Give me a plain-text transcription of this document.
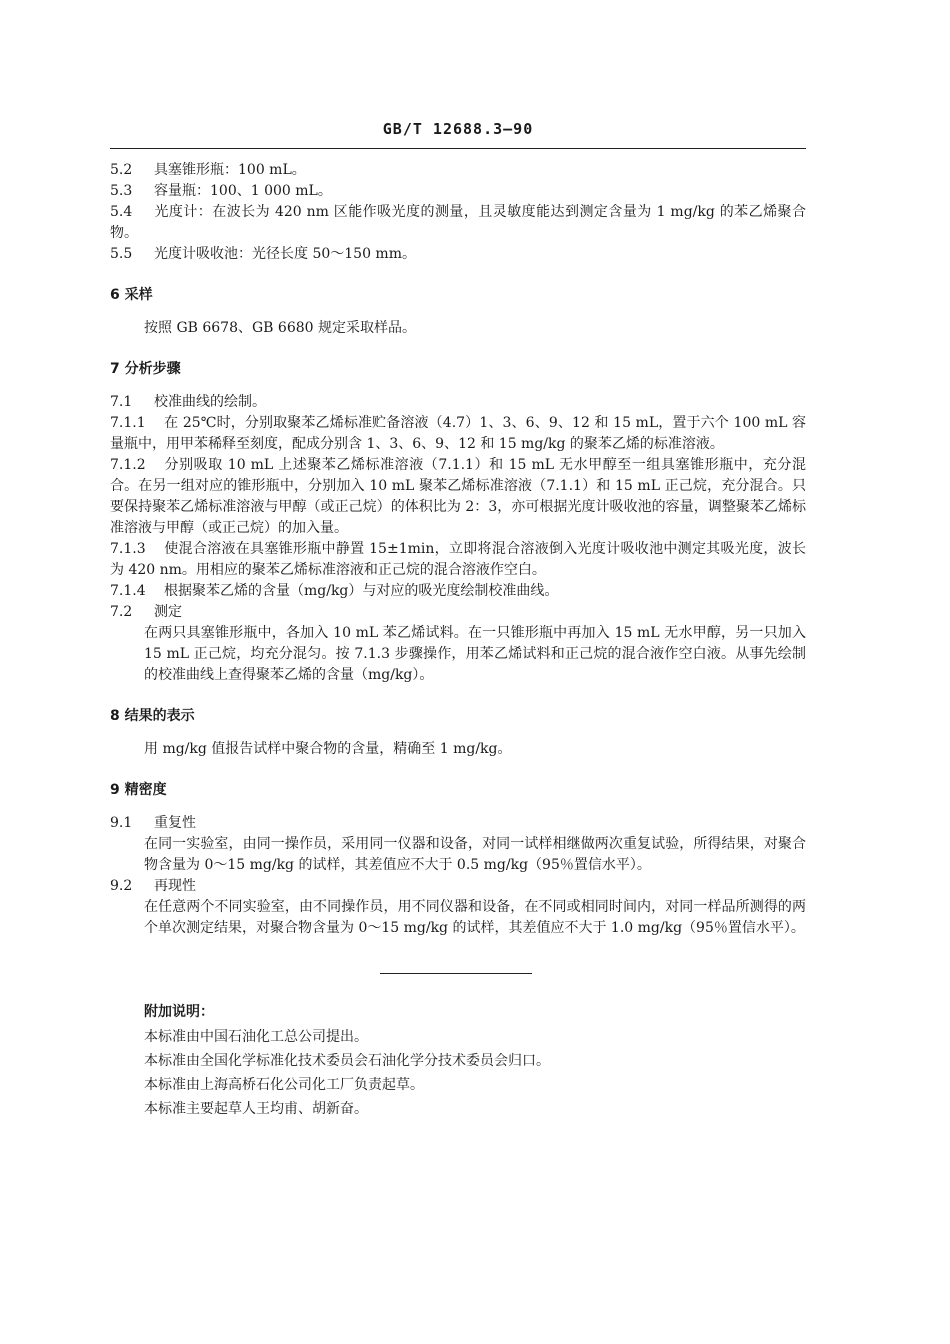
GB/T 12688.3—90

5.2 具塞锥形瓶：100 mL。

5.3 容量瓶：100、1 000 mL。

5.4 光度计：在波长为 420 nm 区能作吸光度的测量，且灵敏度能达到测定含量为 1 mg/kg 的苯乙烯聚合物。

5.5 光度计吸收池：光径长度 50～150 mm。

6 采样

按照 GB 6678、GB 6680 规定采取样品。

7 分析步骤

7.1 校准曲线的绘制。

7.1.1 在 25℃时，分别取聚苯乙烯标准贮备溶液（4.7）1、3、6、9、12 和 15 mL，置于六个 100 mL 容量瓶中，用甲苯稀释至刻度，配成分别含 1、3、6、9、12 和 15 mg/kg 的聚苯乙烯的标准溶液。

7.1.2 分别吸取 10 mL 上述聚苯乙烯标准溶液（7.1.1）和 15 mL 无水甲醇至一组具塞锥形瓶中，充分混合。在另一组对应的锥形瓶中，分别加入 10 mL 聚苯乙烯标准溶液（7.1.1）和 15 mL 正己烷，充分混合。只要保持聚苯乙烯标准溶液与甲醇（或正己烷）的体积比为 2：3，亦可根据光度计吸收池的容量，调整聚苯乙烯标准溶液与甲醇（或正己烷）的加入量。

7.1.3 使混合溶液在具塞锥形瓶中静置 15±1min，立即将混合溶液倒入光度计吸收池中测定其吸光度，波长为 420 nm。用相应的聚苯乙烯标准溶液和正己烷的混合溶液作空白。

7.1.4 根据聚苯乙烯的含量（mg/kg）与对应的吸光度绘制校准曲线。

7.2 测定

在两只具塞锥形瓶中，各加入 10 mL 苯乙烯试料。在一只锥形瓶中再加入 15 mL 无水甲醇，另一只加入 15 mL 正己烷，均充分混匀。按 7.1.3 步骤操作，用苯乙烯试料和正己烷的混合液作空白液。从事先绘制的校准曲线上查得聚苯乙烯的含量（mg/kg）。

8 结果的表示

用 mg/kg 值报告试样中聚合物的含量，精确至 1 mg/kg。

9 精密度

9.1 重复性

在同一实验室，由同一操作员，采用同一仪器和设备，对同一试样相继做两次重复试验，所得结果，对聚合物含量为 0～15 mg/kg 的试样，其差值应不大于 0.5 mg/kg（95％置信水平）。

9.2 再现性

在任意两个不同实验室，由不同操作员，用不同仪器和设备，在不同或相同时间内，对同一样品所测得的两个单次测定结果，对聚合物含量为 0～15 mg/kg 的试样，其差值应不大于 1.0 mg/kg（95％置信水平）。

附加说明：
本标准由中国石油化工总公司提出。
本标准由全国化学标准化技术委员会石油化学分技术委员会归口。
本标准由上海高桥石化公司化工厂负责起草。
本标准主要起草人王均甫、胡新奋。
